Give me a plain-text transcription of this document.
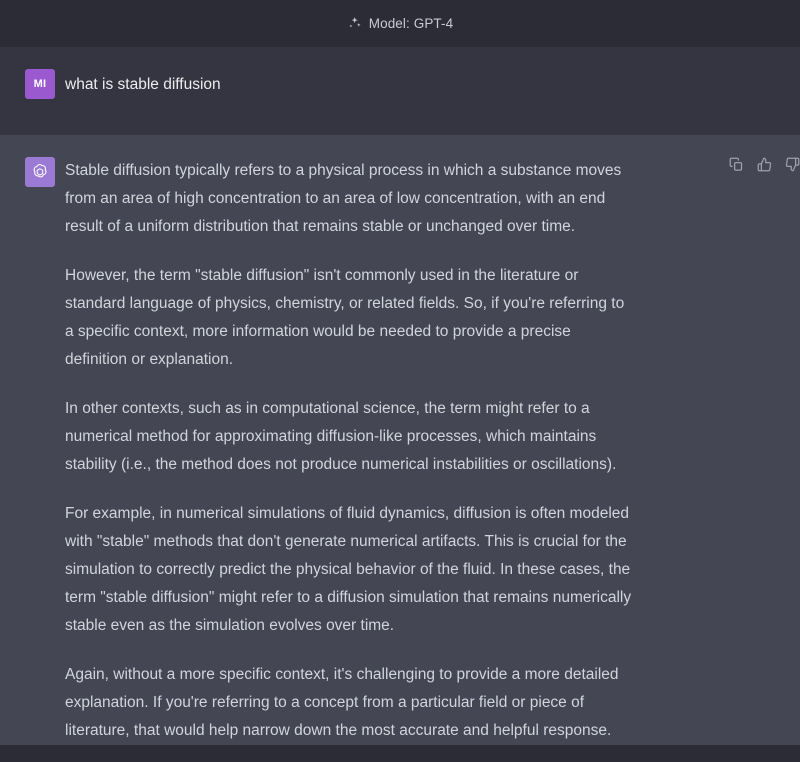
Model: GPT-4
MI	what is stable diffusion

Stable diffusion typically refers to a physical process in which a substance moves from an area of high concentration to an area of low concentration, with an end result of a uniform distribution that remains stable or unchanged over time.

However, the term "stable diffusion" isn't commonly used in the literature or standard language of physics, chemistry, or related fields. So, if you're referring to a specific context, more information would be needed to provide a precise definition or explanation.

In other contexts, such as in computational science, the term might refer to a numerical method for approximating diffusion-like processes, which maintains stability (i.e., the method does not produce numerical instabilities or oscillations).

For example, in numerical simulations of fluid dynamics, diffusion is often modeled with "stable" methods that don't generate numerical artifacts. This is crucial for the simulation to correctly predict the physical behavior of the fluid. In these cases, the term "stable diffusion" might refer to a diffusion simulation that remains numerically stable even as the simulation evolves over time.

Again, without a more specific context, it's challenging to provide a more detailed explanation. If you're referring to a concept from a particular field or piece of literature, that would help narrow down the most accurate and helpful response.
